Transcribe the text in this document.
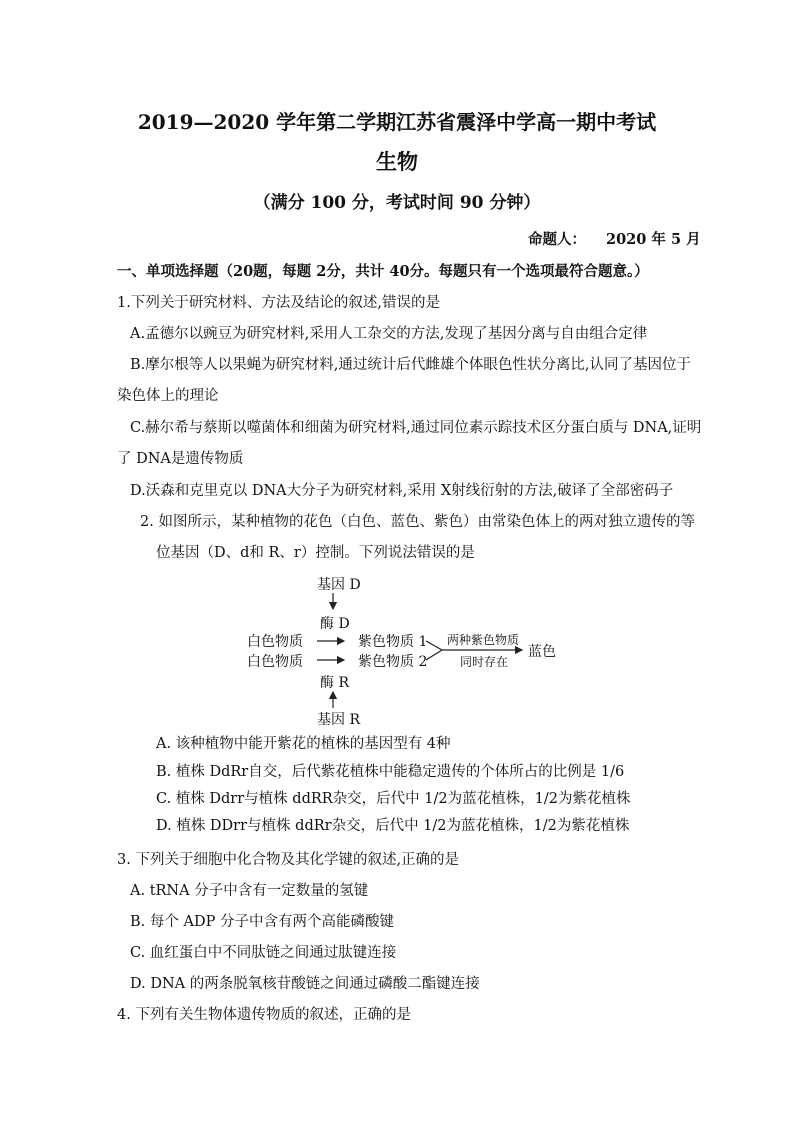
2019—2020 学年第二学期江苏省震泽中学高一期中考试
生物
（满分 100 分，考试时间 90 分钟）
命题人： 2020 年 5 月
一、单项选择题（20题，每题 2分，共计 40分。每题只有一个选项最符合题意。）
1.下列关于研究材料、方法及结论的叙述,错误的是
A.孟德尔以豌豆为研究材料,采用人工杂交的方法,发现了基因分离与自由组合定律
B.摩尔根等人以果蝇为研究材料,通过统计后代雌雄个体眼色性状分离比,认同了基因位于
染色体上的理论
C.赫尔希与蔡斯以噬菌体和细菌为研究材料,通过同位素示踪技术区分蛋白质与 DNA,证明
了 DNA是遗传物质
D.沃森和克里克以 DNA大分子为研究材料,采用 X射线衍射的方法,破译了全部密码子
2. 如图所示，某种植物的花色（白色、蓝色、紫色）由常染色体上的两对独立遗传的等
位基因（D、d和 R、r）控制。下列说法错误的是
基因 D
酶 D
白色物质
白色物质
紫色物质 1
紫色物质 2
两种紫色物质
同时存在
蓝色
酶 R
基因 R
A. 该种植物中能开紫花的植株的基因型有 4种
B. 植株 DdRr自交，后代紫花植株中能稳定遗传的个体所占的比例是 1/6
C. 植株 Ddrr与植株 ddRR杂交，后代中 1/2为蓝花植株，1/2为紫花植株
D. 植株 DDrr与植株 ddRr杂交，后代中 1/2为蓝花植株，1/2为紫花植株
3. 下列关于细胞中化合物及其化学键的叙述,正确的是
A. tRNA 分子中含有一定数量的氢键
B. 每个 ADP 分子中含有两个高能磷酸键
C. 血红蛋白中不同肽链之间通过肽键连接
D. DNA 的两条脱氧核苷酸链之间通过磷酸二酯键连接
4. 下列有关生物体遗传物质的叙述，正确的是
